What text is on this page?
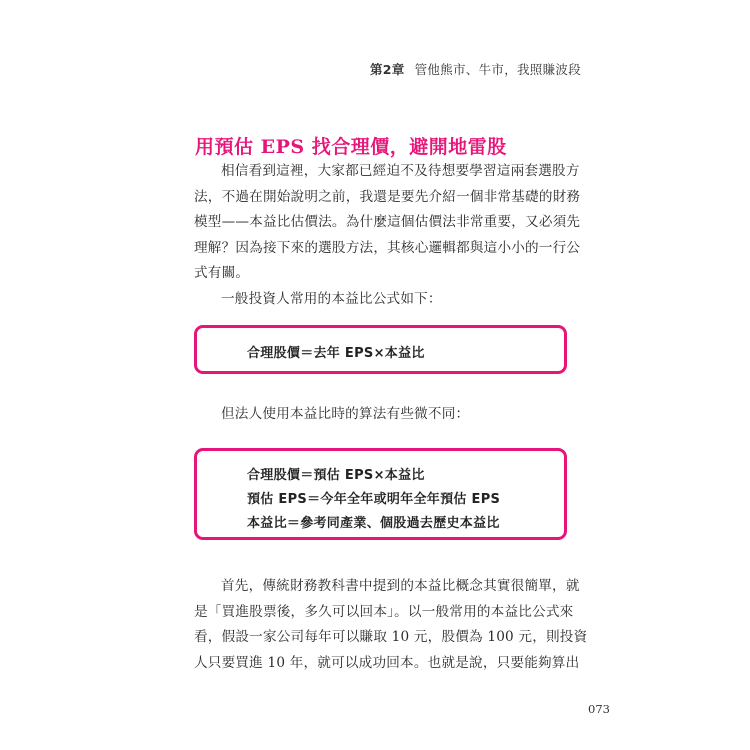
第2章 管他熊市、牛市，我照賺波段
用預估 EPS 找合理價，避開地雷股

相信看到這裡，大家都已經迫不及待想要學習這兩套選股方
法，不過在開始說明之前，我還是要先介紹一個非常基礎的財務
模型——本益比估價法。為什麼這個估價法非常重要，又必須先
理解？因為接下來的選股方法，其核心邏輯都與這小小的一行公
式有關。

一般投資人常用的本益比公式如下：

合理股價＝去年 EPS×本益比

但法人使用本益比時的算法有些微不同：

合理股價＝預估 EPS×本益比
預估 EPS＝今年全年或明年全年預估 EPS
本益比＝參考同產業、個股過去歷史本益比

首先，傳統財務教科書中提到的本益比概念其實很簡單，就
是「買進股票後，多久可以回本」。以一般常用的本益比公式來
看，假設一家公司每年可以賺取 10 元，股價為 100 元，則投資
人只要買進 10 年，就可以成功回本。也就是說，只要能夠算出

073
